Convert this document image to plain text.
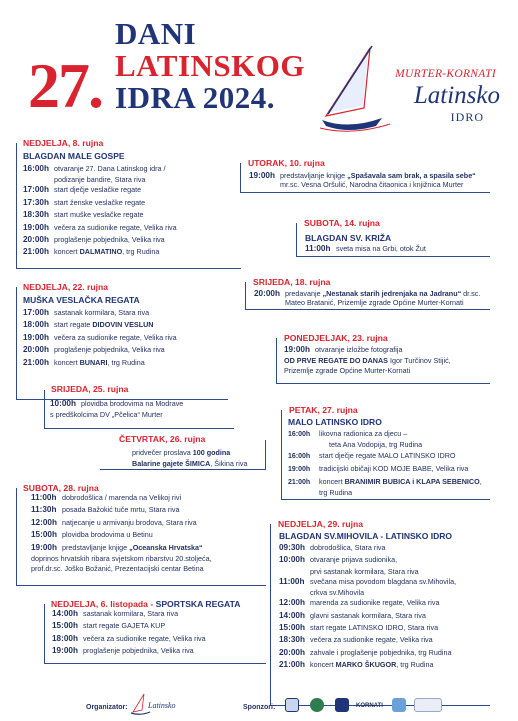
27.
DANI
LATINSKOG
IDRA 2024.
MURTER-KORNATI
Latinsko
IDRO
NEDJELJA, 8. rujna
BLAGDAN MALE GOSPE
16:00h otvaranje 27. Dana Latinskog idra /
podizanje bandire, Stara riva
17:00h start dječje veslačke regate
17:30h start ženske veslačke regate
18:30h start muške veslačke regate
19:00h večera za sudionike regate, Velika riva
20:00h proglašenje pobjednika, Velika riva
21:00h koncert DALMATINO, trg Rudina
UTORAK, 10. rujna
19:00h predstavljanje knjige „Spašavala sam brak, a spasila sebe“ mr.sc. Vesna Oršulić, Narodna čitaonica i knjižnica Murter
SUBOTA, 14. rujna
BLAGDAN SV. KRIŽA
11:00h sveta misa na Grbi, otok Žut
SRIJEDA, 18. rujna
20:00h predavanje „Nestanak starih jedrenjaka na Jadranu“ dr.sc. Mateo Bratanić, Prizemlje zgrade Općine Murter-Kornati
NEDJELJA, 22. rujna
MUŠKA VESLAČKA REGATA
17:00h sastanak kormilara, Stara riva
18:00h start regate DIDOVIN VESLUN
19:00h večera za sudionike regate, Velika riva
20:00h proglašenje pobjednika, Velika riva
21:00h koncert BUNARI, trg Rudina
PONEDJELJAK, 23. rujna
19:00h otvaranje izložbe fotografija
OD PRVE REGATE DO DANAS Igor Turčinov Stijić,
Prizemlje zgrade Općine Murter-Kornati
SRIJEDA, 25. rujna
10:00h plovidba brodovima na Modrave
s predškolcima DV „Pčelica“ Murter
ČETVRTAK, 26. rujna
pridvečer proslava 100 godina
Balarine gajete ŠIMICA, Šikina riva
PETAK, 27. rujna
MALO LATINSKO IDRO
16:00h	likovna radionica za djecu –
teta Ana Vodopija, trg Rudina
16:00h	start dječje regate MALO LATINSKO IDRO
19:00h	tradicijski običaji KOD MOJE BABE, Velika riva
21:00h	koncert BRANIMIR BUBICA i KLAPA SEBENICO,
trg Rudina
SUBOTA, 28. rujna
11:00h dobrodošlica / marenda na Velikoj rivi
11:30h posada Bažokić tuče mrtu, Stara riva
12:00h natjecanje u armivanju brodova, Stara riva
15:00h plovidba brodovima u Betinu
19:00h predstavljanje knjige „Oceanska Hrvatska“
doprinos hrvatskih ribara svjetskom ribarstvu 20.stoljeća,
prof.dr.sc. Joško Božanić, Prezentacijski centar Betina
NEDJELJA, 29. rujna
BLAGDAN SV.MIHOVILA - LATINSKO IDRO
09:30h dobrodošlica, Stara riva
10:00h otvaranje prijava sudionika,
prvi sastanak kormilara, Stara riva
11:00h svečana misa povodom blagdana sv.Mihovila,
crkva sv.Mihovila
12:00h marenda za sudionike regate, Velika riva
14:00h glavni sastanak kormilara, Stara riva
15:00h start regate LATINSKO IDRO, Stara riva
18:30h večera za sudionike regate, Velika riva
20:00h zahvale i proglašenje pobjednika, trg Rudina
21:00h koncert MARKO ŠKUGOR, trg Rudina
NEDJELJA, 6. listopada - SPORTSKA REGATA
14:00h sastanak kormilara, Stara riva
15:00h start regate GAJETA KUP
18:00h večera za sudionike regate, Velika riva
19:00h proglašenje pobjednika, Velika riva
Organizator:	Latinsko	Sponzori:	KORNATI
